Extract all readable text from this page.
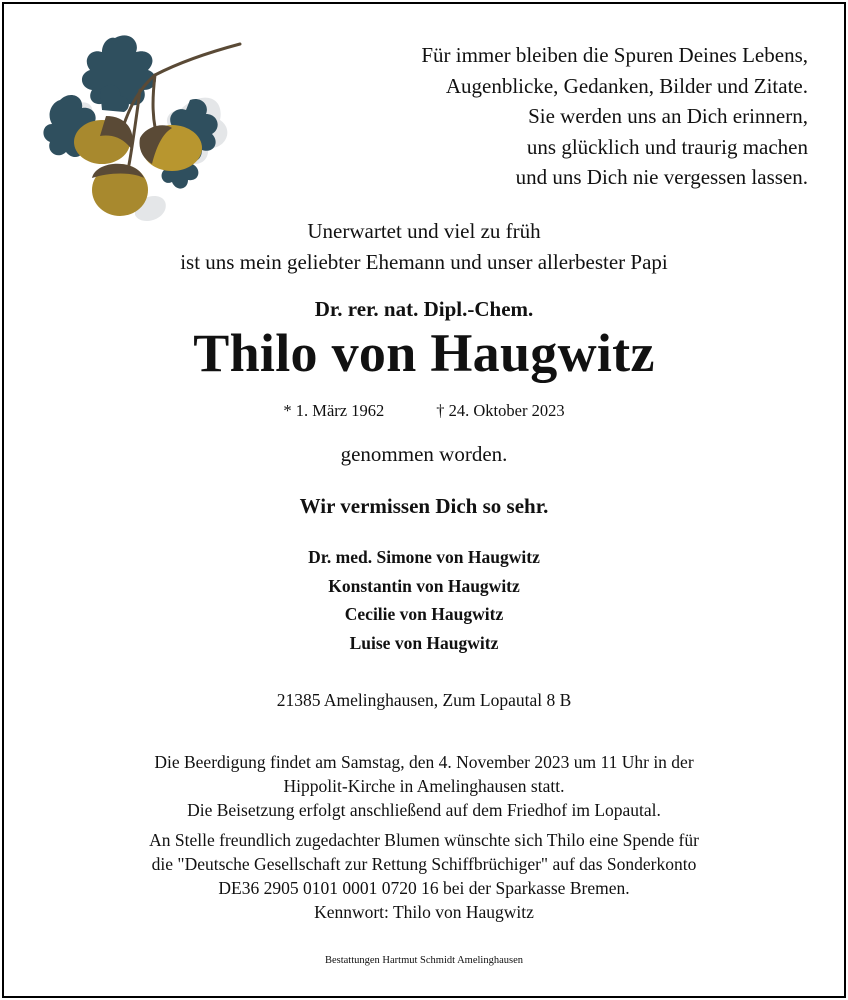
Für immer bleiben die Spuren Deines Lebens,
Augenblicke, Gedanken, Bilder und Zitate.
Sie werden uns an Dich erinnern,
uns glücklich und traurig machen
und uns Dich nie vergessen lassen.
Unerwartet und viel zu früh
ist uns mein geliebter Ehemann und unser allerbester Papi
Dr. rer. nat. Dipl.-Chem.
Thilo von Haugwitz
* 1. März 1962	† 24. Oktober 2023
genommen worden.
Wir vermissen Dich so sehr.
Dr. med. Simone von Haugwitz
Konstantin von Haugwitz
Cecilie von Haugwitz
Luise von Haugwitz
21385 Amelinghausen, Zum Lopautal 8 B
Die Beerdigung findet am Samstag, den 4. November 2023 um 11 Uhr in der
Hippolit-Kirche in Amelinghausen statt.
Die Beisetzung erfolgt anschließend auf dem Friedhof im Lopautal.
An Stelle freundlich zugedachter Blumen wünschte sich Thilo eine Spende für
die "Deutsche Gesellschaft zur Rettung Schiffbrüchiger" auf das Sonderkonto
DE36 2905 0101 0001 0720 16 bei der Sparkasse Bremen.
Kennwort: Thilo von Haugwitz
Bestattungen Hartmut Schmidt Amelinghausen
